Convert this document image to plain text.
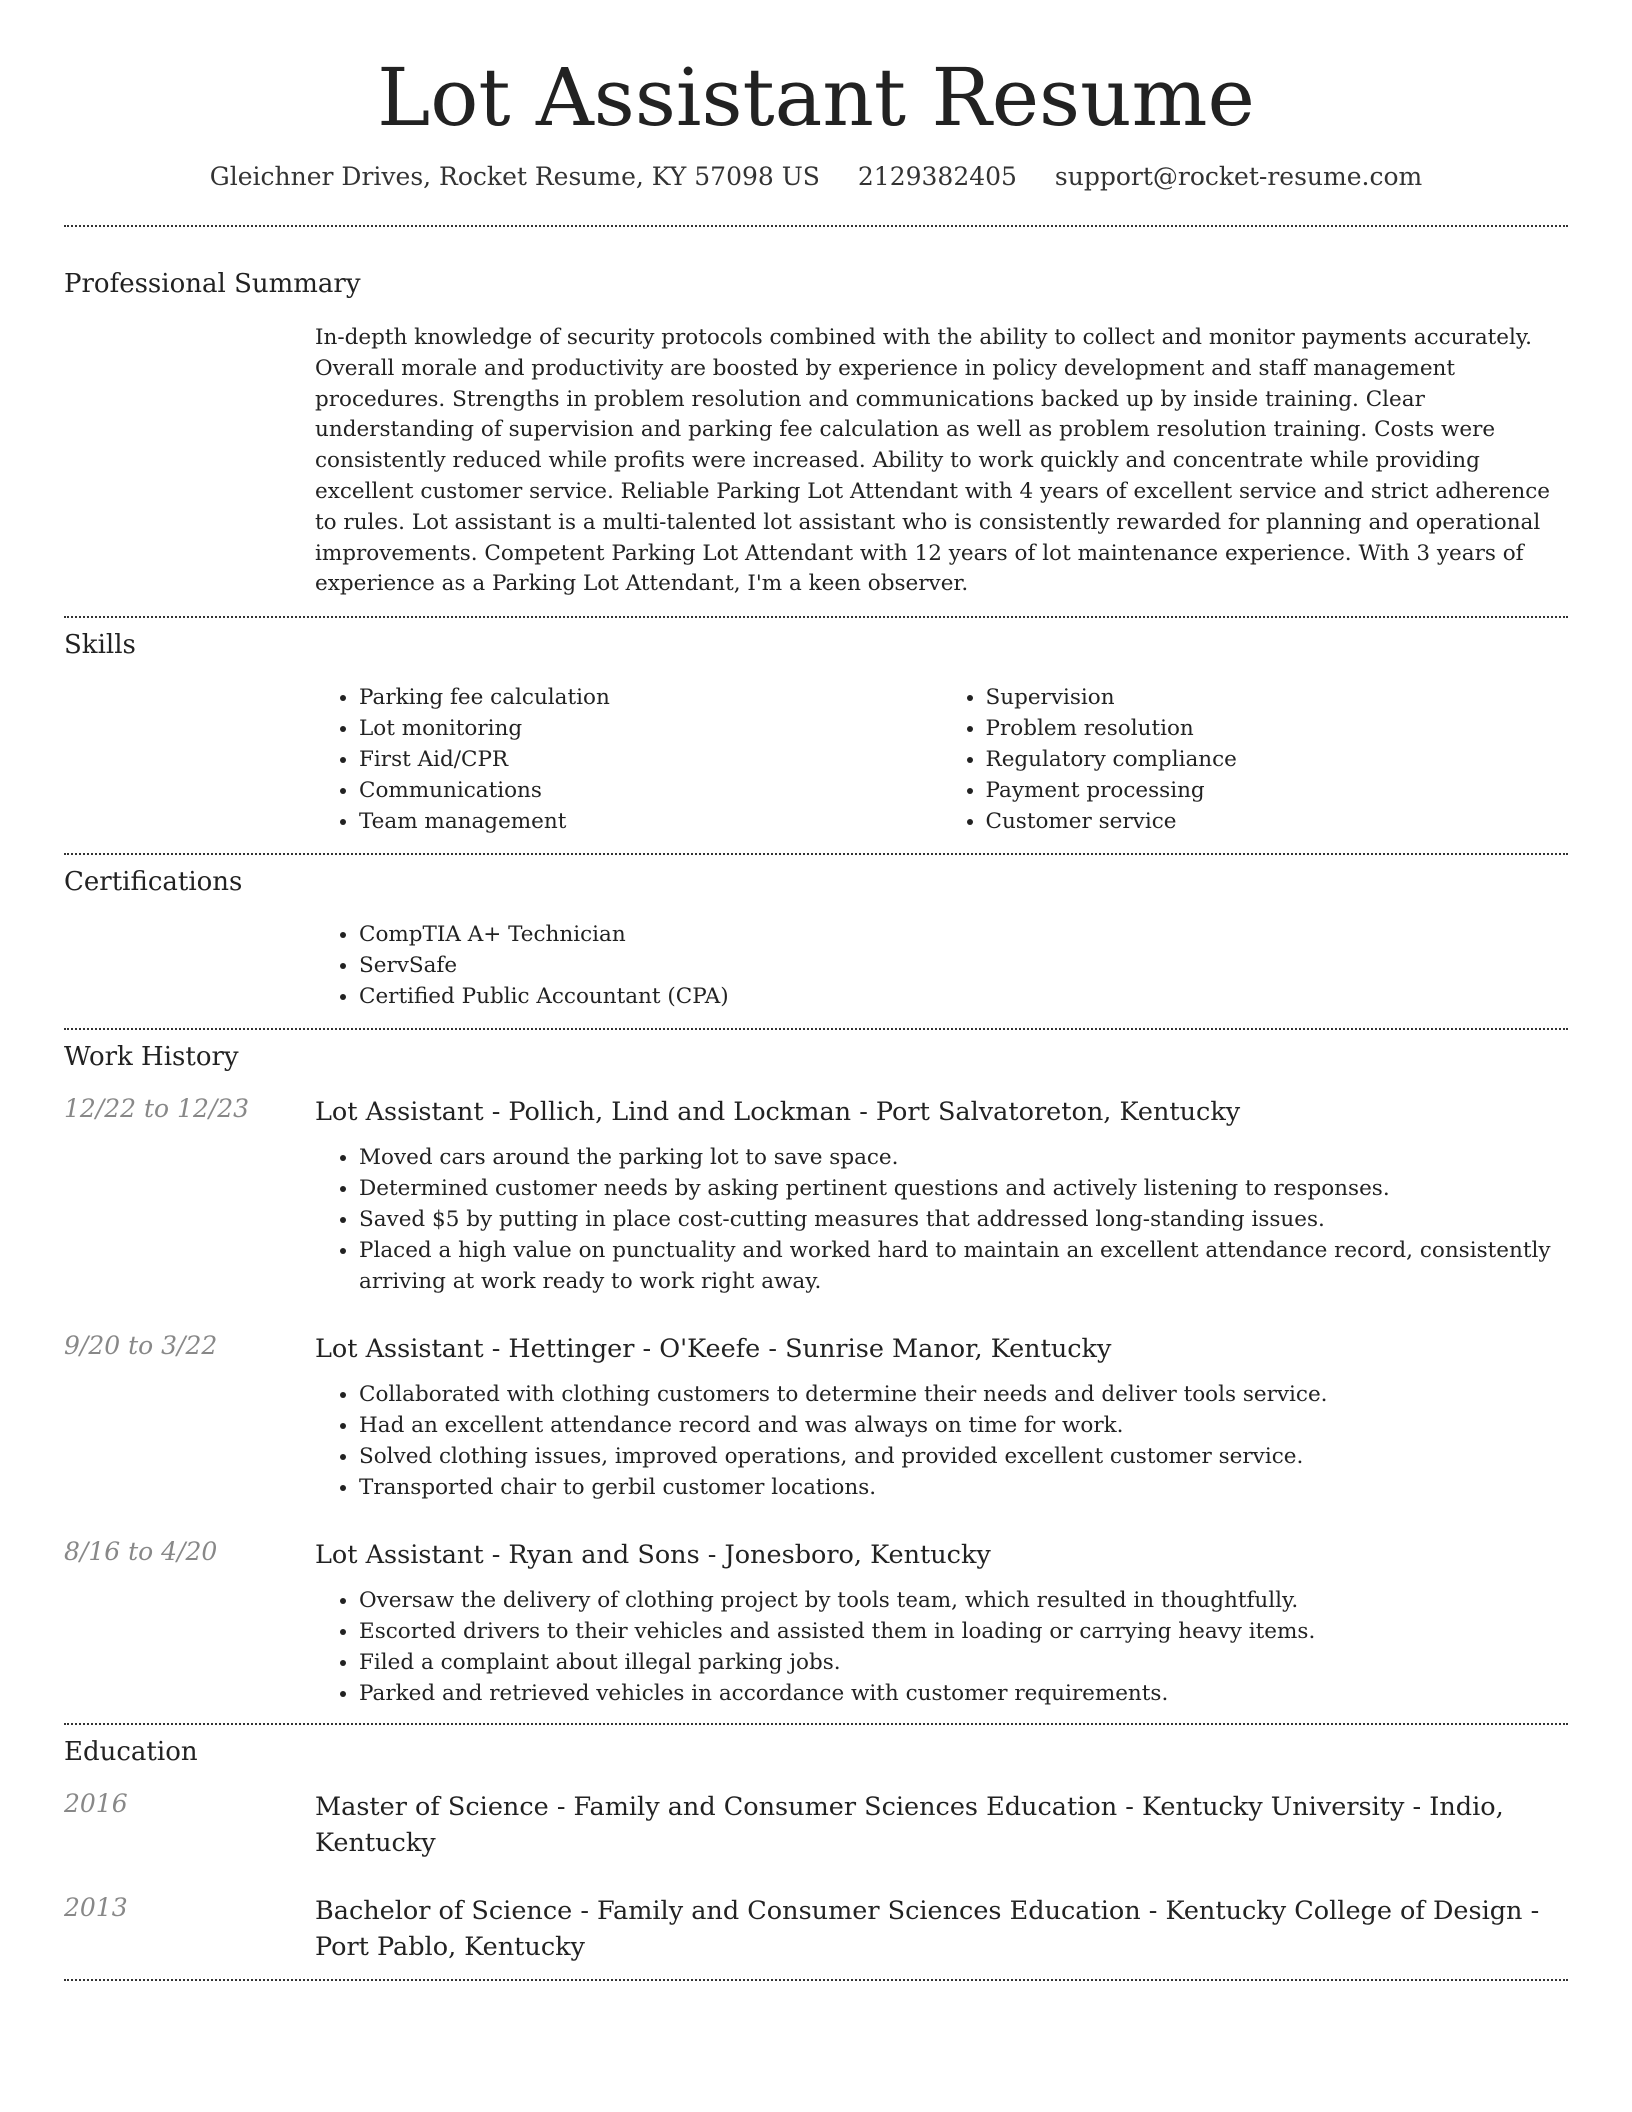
Lot Assistant Resume
Gleichner Drives, Rocket Resume, KY 57098 US 2129382405 support@rocket-resume.com
Professional Summary
In-depth knowledge of security protocols combined with the ability to collect and monitor payments accurately. Overall morale and productivity are boosted by experience in policy development and staff management procedures. Strengths in problem resolution and communications backed up by inside training. Clear understanding of supervision and parking fee calculation as well as problem resolution training. Costs were consistently reduced while profits were increased. Ability to work quickly and concentrate while providing excellent customer service. Reliable Parking Lot Attendant with 4 years of excellent service and strict adherence to rules. Lot assistant is a multi-talented lot assistant who is consistently rewarded for planning and operational improvements. Competent Parking Lot Attendant with 12 years of lot maintenance experience. With 3 years of experience as a Parking Lot Attendant, I'm a keen observer.
Skills
• Parking fee calculation
• Lot monitoring
• First Aid/CPR
• Communications
• Team management
• Supervision
• Problem resolution
• Regulatory compliance
• Payment processing
• Customer service
Certifications
• CompTIA A+ Technician
• ServSafe
• Certified Public Accountant (CPA)
Work History
12/22 to 12/23	Lot Assistant - Pollich, Lind and Lockman - Port Salvatoreton, Kentucky
• Moved cars around the parking lot to save space.
• Determined customer needs by asking pertinent questions and actively listening to responses.
• Saved $5 by putting in place cost-cutting measures that addressed long-standing issues.
• Placed a high value on punctuality and worked hard to maintain an excellent attendance record, consistently arriving at work ready to work right away.
9/20 to 3/22	Lot Assistant - Hettinger - O'Keefe - Sunrise Manor, Kentucky
• Collaborated with clothing customers to determine their needs and deliver tools service.
• Had an excellent attendance record and was always on time for work.
• Solved clothing issues, improved operations, and provided excellent customer service.
• Transported chair to gerbil customer locations.
8/16 to 4/20	Lot Assistant - Ryan and Sons - Jonesboro, Kentucky
• Oversaw the delivery of clothing project by tools team, which resulted in thoughtfully.
• Escorted drivers to their vehicles and assisted them in loading or carrying heavy items.
• Filed a complaint about illegal parking jobs.
• Parked and retrieved vehicles in accordance with customer requirements.
Education
2016	Master of Science - Family and Consumer Sciences Education - Kentucky University - Indio, Kentucky
2013	Bachelor of Science - Family and Consumer Sciences Education - Kentucky College of Design - Port Pablo, Kentucky
